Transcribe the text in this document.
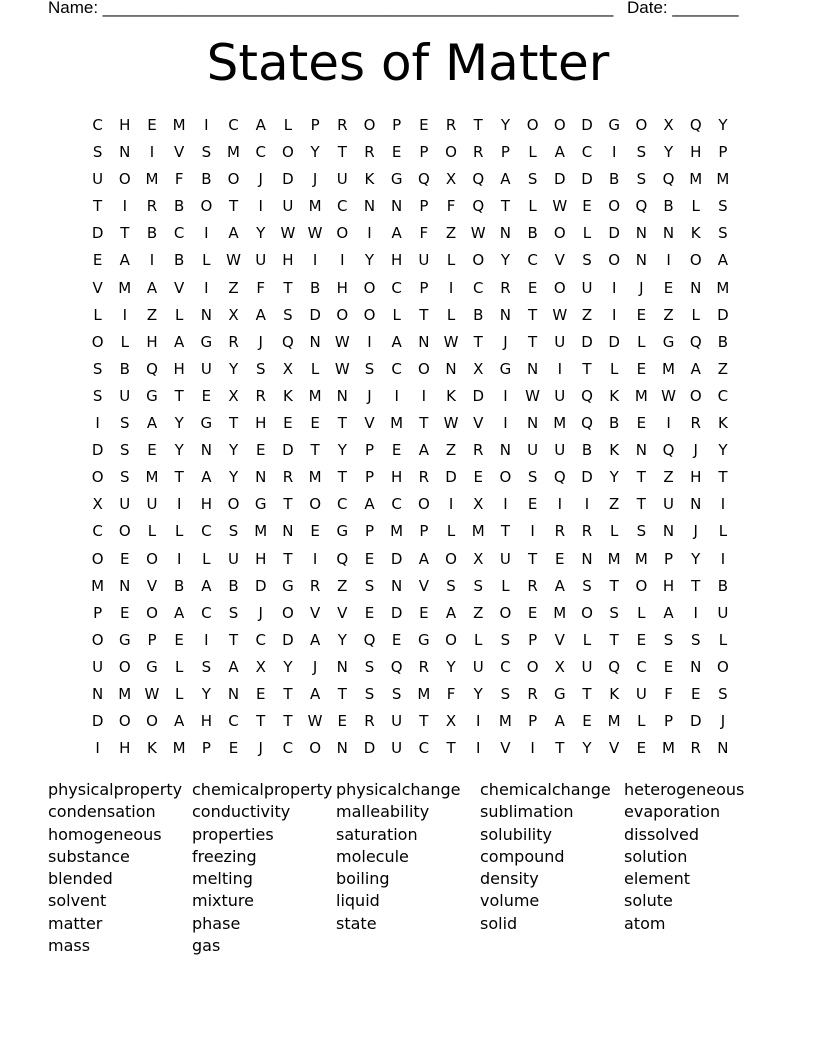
Name: ______________________________________________________

Date: _______

States of Matter
C	H	E	M	I	C	A	L	P	R	O	P	E	R	T	Y	O	O	D	G	O	X	Q	Y
S	N	I	V	S	M	C	O	Y	T	R	E	P	O	R	P	L	A	C	I	S	Y	H	P
U	O M	F	B	O	J	D	J	U	K	G	Q	X	Q	A	S	D	D	B	S	Q M M
T	I	R	B	O	T	I	U	M	C	N	N	P	F	Q	T	L	W	E	O	Q	B	L	S
D	T	B	C	I	A	Y	W W O	I	A	F	Z W N	B	O	L	D	N	N	K	S
E	A	I	B	L	W U	H	I	I	Y	H	U	L	O	Y	C	V	S	O	N	I	O	A
V	M	A	V	I	Z	F	T	B	H	O	C	P	I	C	R	E	O	U	I	J	E	N	M
L	I	Z	L	N	X	A	S	D	O	O	L	T	L	B	N	T	W Z	I	E	Z	L	D
O	L	H	A	G	R	J	Q	N W	I	A	N W	T	J	T	U	D	D	L	G	Q	B
S	B	Q	H	U	Y	S	X	L	W	S	C	O	N	X	G	N	I	T	L	E	M	A	Z
S	U	G	T	E	X	R	K	M	N	J	I	I	K	D	I	W U	Q	K	M W O	C
I	S	A	Y	G	T	H	E	E	T	V	M	T	W V	I	N	M Q	B	E	I	R	K
D	S	E	Y	N	Y	E	D	T	Y	P	E	A	Z	R	N	U	U	B	K	N	Q	J	Y
O	S	M	T	A	Y	N	R	M	T	P	H	R	D	E	O	S	Q	D	Y	T	Z	H	T
X	U	U	I	H	O	G	T	O	C	A	C	O	I	X	I	E	I	I	Z	T	U	N	I
C	O	L	L	C	S	M	N	E	G	P	M	P	L	M	T	I	R	R	L	S	N	J	L
O	E	O	I	L	U	H	T	I	Q	E	D	A	O	X	U	T	E	N	M M	P	Y	I
M	N	V	B	A	B	D	G	R	Z	S	N	V	S	S	L	R	A	S	T	O	H	T	B
P	E	O	A	C	S	J	O	V	V	E	D	E	A	Z	O	E	M O	S	L	A	I	U
O	G	P	E	I	T	C	D	A	Y	Q	E	G	O	L	S	P	V	L	T	E	S	S	L
U	O	G	L	S	A	X	Y	J	N	S	Q	R	Y	U	C	O	X	U	Q	C	E	N	O
N	M W	L	Y	N	E	T	A	T	S	S	M	F	Y	S	R	G	T	K	U	F	E	S
D	O	O	A	H	C	T	T	W	E	R	U	T	X	I	M	P	A	E	M	L	P	D	J
I	H	K	M	P	E	J	C	O	N	D	U	C	T	I	V	I	T	Y	V	E	M	R	N
physicalproperty chemicalproperty physicalchange	chemicalchange heterogeneous
condensation	conductivity	malleability	sublimation	evaporation
homogeneous	properties	saturation	solubility	dissolved
substance	freezing	molecule	compound	solution
blended	melting	boiling	density	element
solvent	mixture	liquid	volume	solute
matter	phase	state	solid	atom
mass	gas
